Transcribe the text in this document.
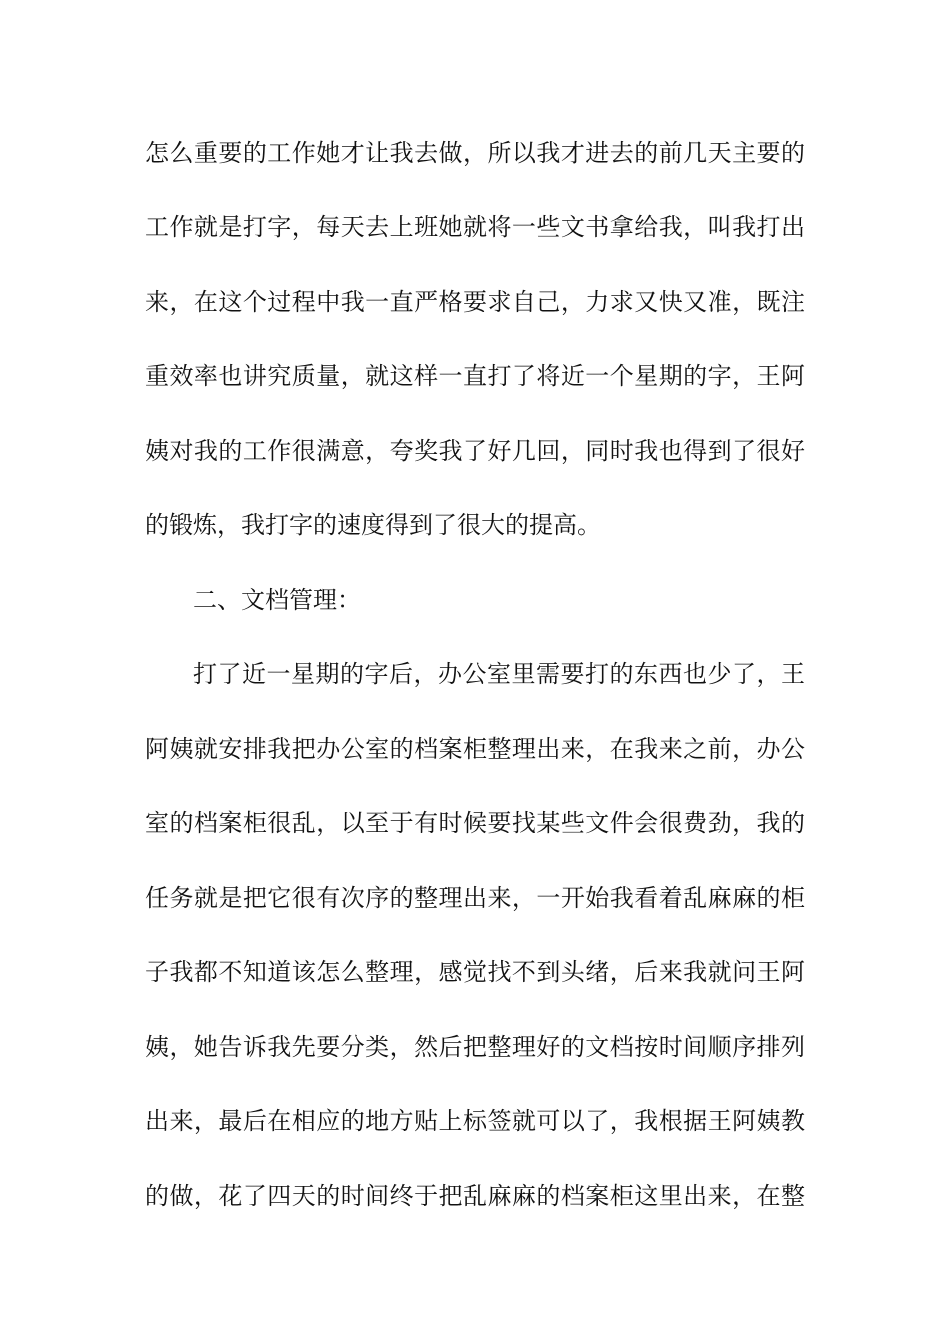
怎么重要的工作她才让我去做，所以我才进去的前几天主要的
工作就是打字，每天去上班她就将一些文书拿给我，叫我打出
来，在这个过程中我一直严格要求自己，力求又快又准，既注
重效率也讲究质量，就这样一直打了将近一个星期的字，王阿
姨对我的工作很满意，夸奖我了好几回，同时我也得到了很好
的锻炼，我打字的速度得到了很大的提高。
二、文档管理：
打了近一星期的字后，办公室里需要打的东西也少了，王
阿姨就安排我把办公室的档案柜整理出来，在我来之前，办公
室的档案柜很乱，以至于有时候要找某些文件会很费劲，我的
任务就是把它很有次序的整理出来，一开始我看着乱麻麻的柜
子我都不知道该怎么整理，感觉找不到头绪，后来我就问王阿
姨，她告诉我先要分类，然后把整理好的文档按时间顺序排列
出来，最后在相应的地方贴上标签就可以了，我根据王阿姨教
的做，花了四天的时间终于把乱麻麻的档案柜这里出来，在整
